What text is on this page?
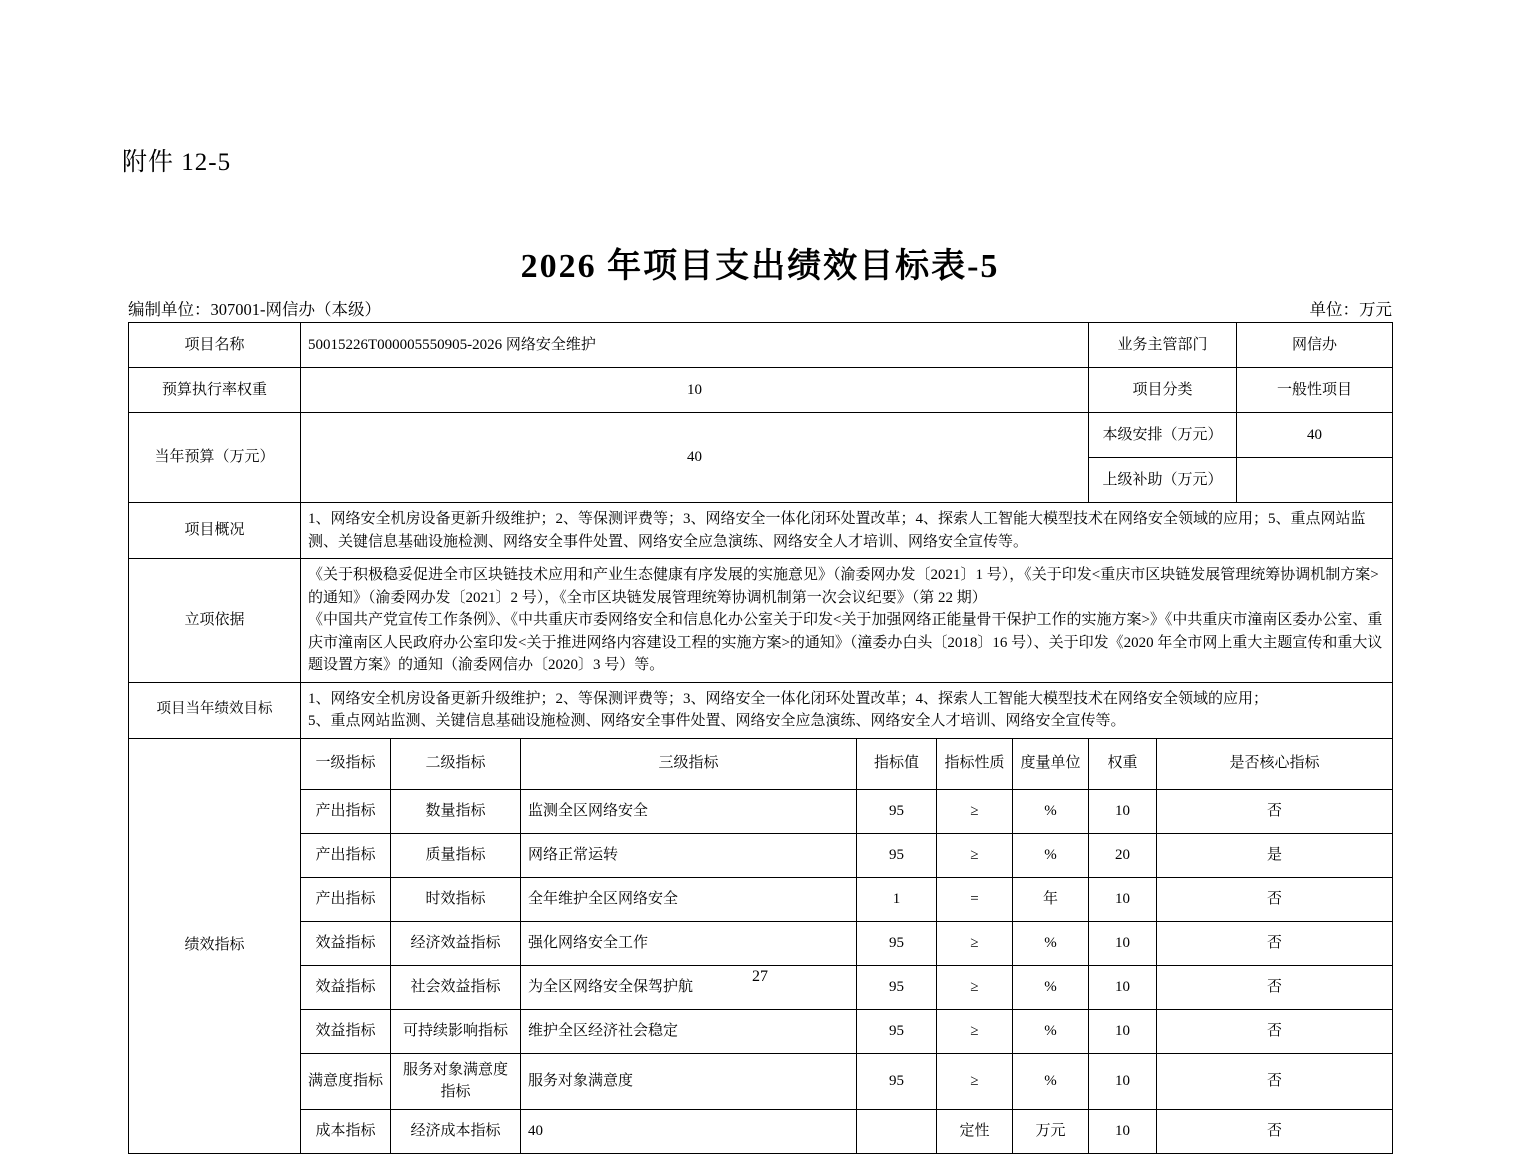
附件 12-5
2026 年项目支出绩效目标表-5
编制单位：307001-网信办（本级）	单位：万元
项目名称	50015226T000005550905-2026 网络安全维护						业务主管部门		网信办
预算执行率权重	10						项目分类		一般性项目
当年预算（万元）	40						本级安排（万元）		40
							上级补助（万元）		
项目概况	1、网络安全机房设备更新升级维护；2、等保测评费等；3、网络安全一体化闭环处置改革；4、探索人工智能大模型技术在网络安全领域的应用；5、重点网站监测、关键信息基础设施检测、网络安全事件处置、网络安全应急演练、网络安全人才培训、网络安全宣传等。								
立项依据	《关于积极稳妥促进全市区块链技术应用和产业生态健康有序发展的实施意见》（渝委网办发〔2021〕1 号），《关于印发<重庆市区块链发展管理统筹协调机制方案>的通知》（渝委网办发〔2021〕2 号），《全市区块链发展管理统筹协调机制第一次会议纪要》（第 22 期）
《中国共产党宣传工作条例》、《中共重庆市委网络安全和信息化办公室关于印发<关于加强网络正能量骨干保护工作的实施方案>》《中共重庆市潼南区委办公室、重庆市潼南区人民政府办公室印发<关于推进网络内容建设工程的实施方案>的通知》（潼委办白头〔2018〕16 号）、关于印发《2020 年全市网上重大主题宣传和重大议题设置方案》的通知（渝委网信办〔2020〕3 号）等。								

项目当年绩效目标	1、网络安全机房设备更新升级维护；2、等保测评费等；3、网络安全一体化闭环处置改革；4、探索人工智能大模型技术在网络安全领域的应用；
5、重点网站监测、关键信息基础设施检测、网络安全事件处置、网络安全应急演练、网络安全人才培训、网络安全宣传等。								

绩效指标	一级指标	二级指标	三级指标	指标值	指标性质	度量单位	权重	是否核心指标	
	产出指标	数量指标	监测全区网络安全	95	≥	%	10	否	
	产出指标	质量指标	网络正常运转	95	≥	%	20	是	
	产出指标	时效指标	全年维护全区网络安全	1	=	年	10	否	
	效益指标	经济效益指标	强化网络安全工作	95	≥	%	10	否	
	效益指标	社会效益指标	为全区网络安全保驾护航	95	≥	%	10	否	
	效益指标	可持续影响指标	维护全区经济社会稳定	95	≥	%	10	否	
	满意度指标	服务对象满意度指标	服务对象满意度	95	≥	%	10	否	
	成本指标	经济成本指标	40		定性	万元	10	否	
27
